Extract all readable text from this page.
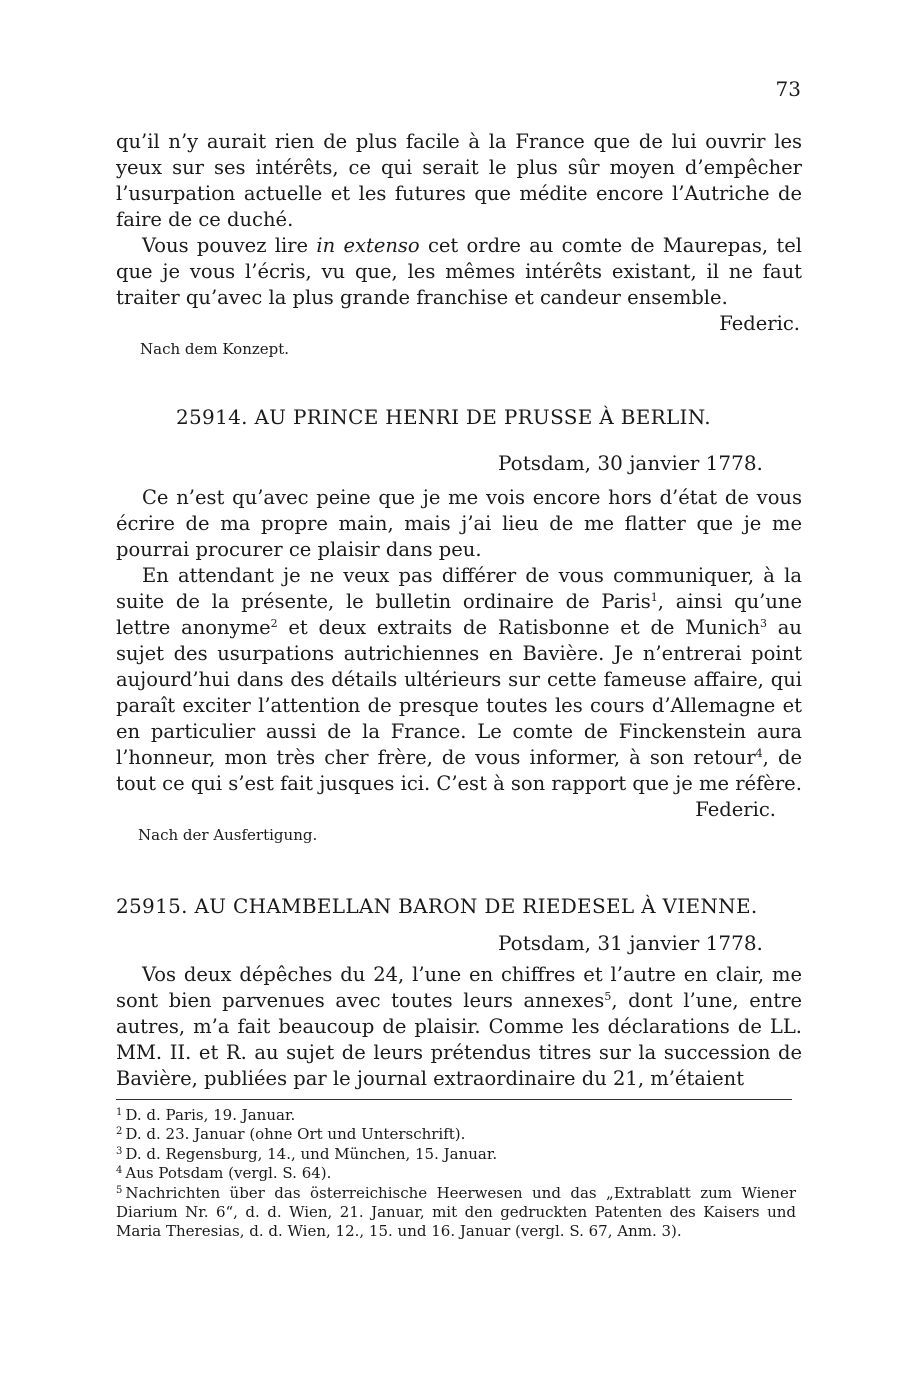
73

qu’il n’y aurait rien de plus facile à la France que de lui ouvrir les yeux sur ses intérêts, ce qui serait le plus sûr moyen d’empêcher l’usurpation actuelle et les futures que médite encore l’Autriche de faire de ce duché.

Vous pouvez lire in extenso cet ordre au comte de Maurepas, tel que je vous l’écris, vu que, les mêmes intérêts existant, il ne faut traiter qu’avec la plus grande franchise et candeur ensemble.

Federic.

Nach dem Konzept.

25914. AU PRINCE HENRI DE PRUSSE À BERLIN.
Potsdam, 30 janvier 1778.

Ce n’est qu’avec peine que je me vois encore hors d’état de vous écrire de ma propre main, mais j’ai lieu de me flatter que je me pourrai procurer ce plaisir dans peu.

En attendant je ne veux pas différer de vous communiquer, à la suite de la présente, le bulletin ordinaire de Paris$^1$, ainsi qu’une lettre anonyme$^2$ et deux extraits de Ratisbonne et de Munich$^3$ au sujet des usurpations autrichiennes en Bavière. Je n’entrerai point aujourd’hui dans des détails ultérieurs sur cette fameuse affaire, qui paraît exciter l’attention de presque toutes les cours d’Allemagne et en particulier aussi de la France. Le comte de Finckenstein aura l’honneur, mon très cher frère, de vous informer, à son retour$^4$, de tout ce qui s’est fait jusques ici. C’est à son rapport que je me réfère.

Federic.

Nach der Ausfertigung.

25915. AU CHAMBELLAN BARON DE RIEDESEL À VIENNE.
Potsdam, 31 janvier 1778.

Vos deux dépêches du 24, l’une en chiffres et l’autre en clair, me sont bien parvenues avec toutes leurs annexes$^5$, dont l’une, entre autres, m’a fait beaucoup de plaisir. Comme les déclarations de LL. MM. II. et R. au sujet de leurs prétendus titres sur la succession de Bavière, publiées par le journal extraordinaire du 21, m’étaient

$^1$ D. d. Paris, 19. Januar.

$^2$ D. d. 23. Januar (ohne Ort und Unterschrift).

$^3$ D. d. Regensburg, 14., und München, 15. Januar.

$^4$ Aus Potsdam (vergl. S. 64).

$^5$ Nachrichten über das österreichische Heerwesen und das „Extrablatt zum Wiener Diarium Nr. 6“, d. d. Wien, 21. Januar, mit den gedruckten Patenten des Kaisers und Maria Theresias, d. d. Wien, 12., 15. und 16. Januar (vergl. S. 67, Anm. 3).
